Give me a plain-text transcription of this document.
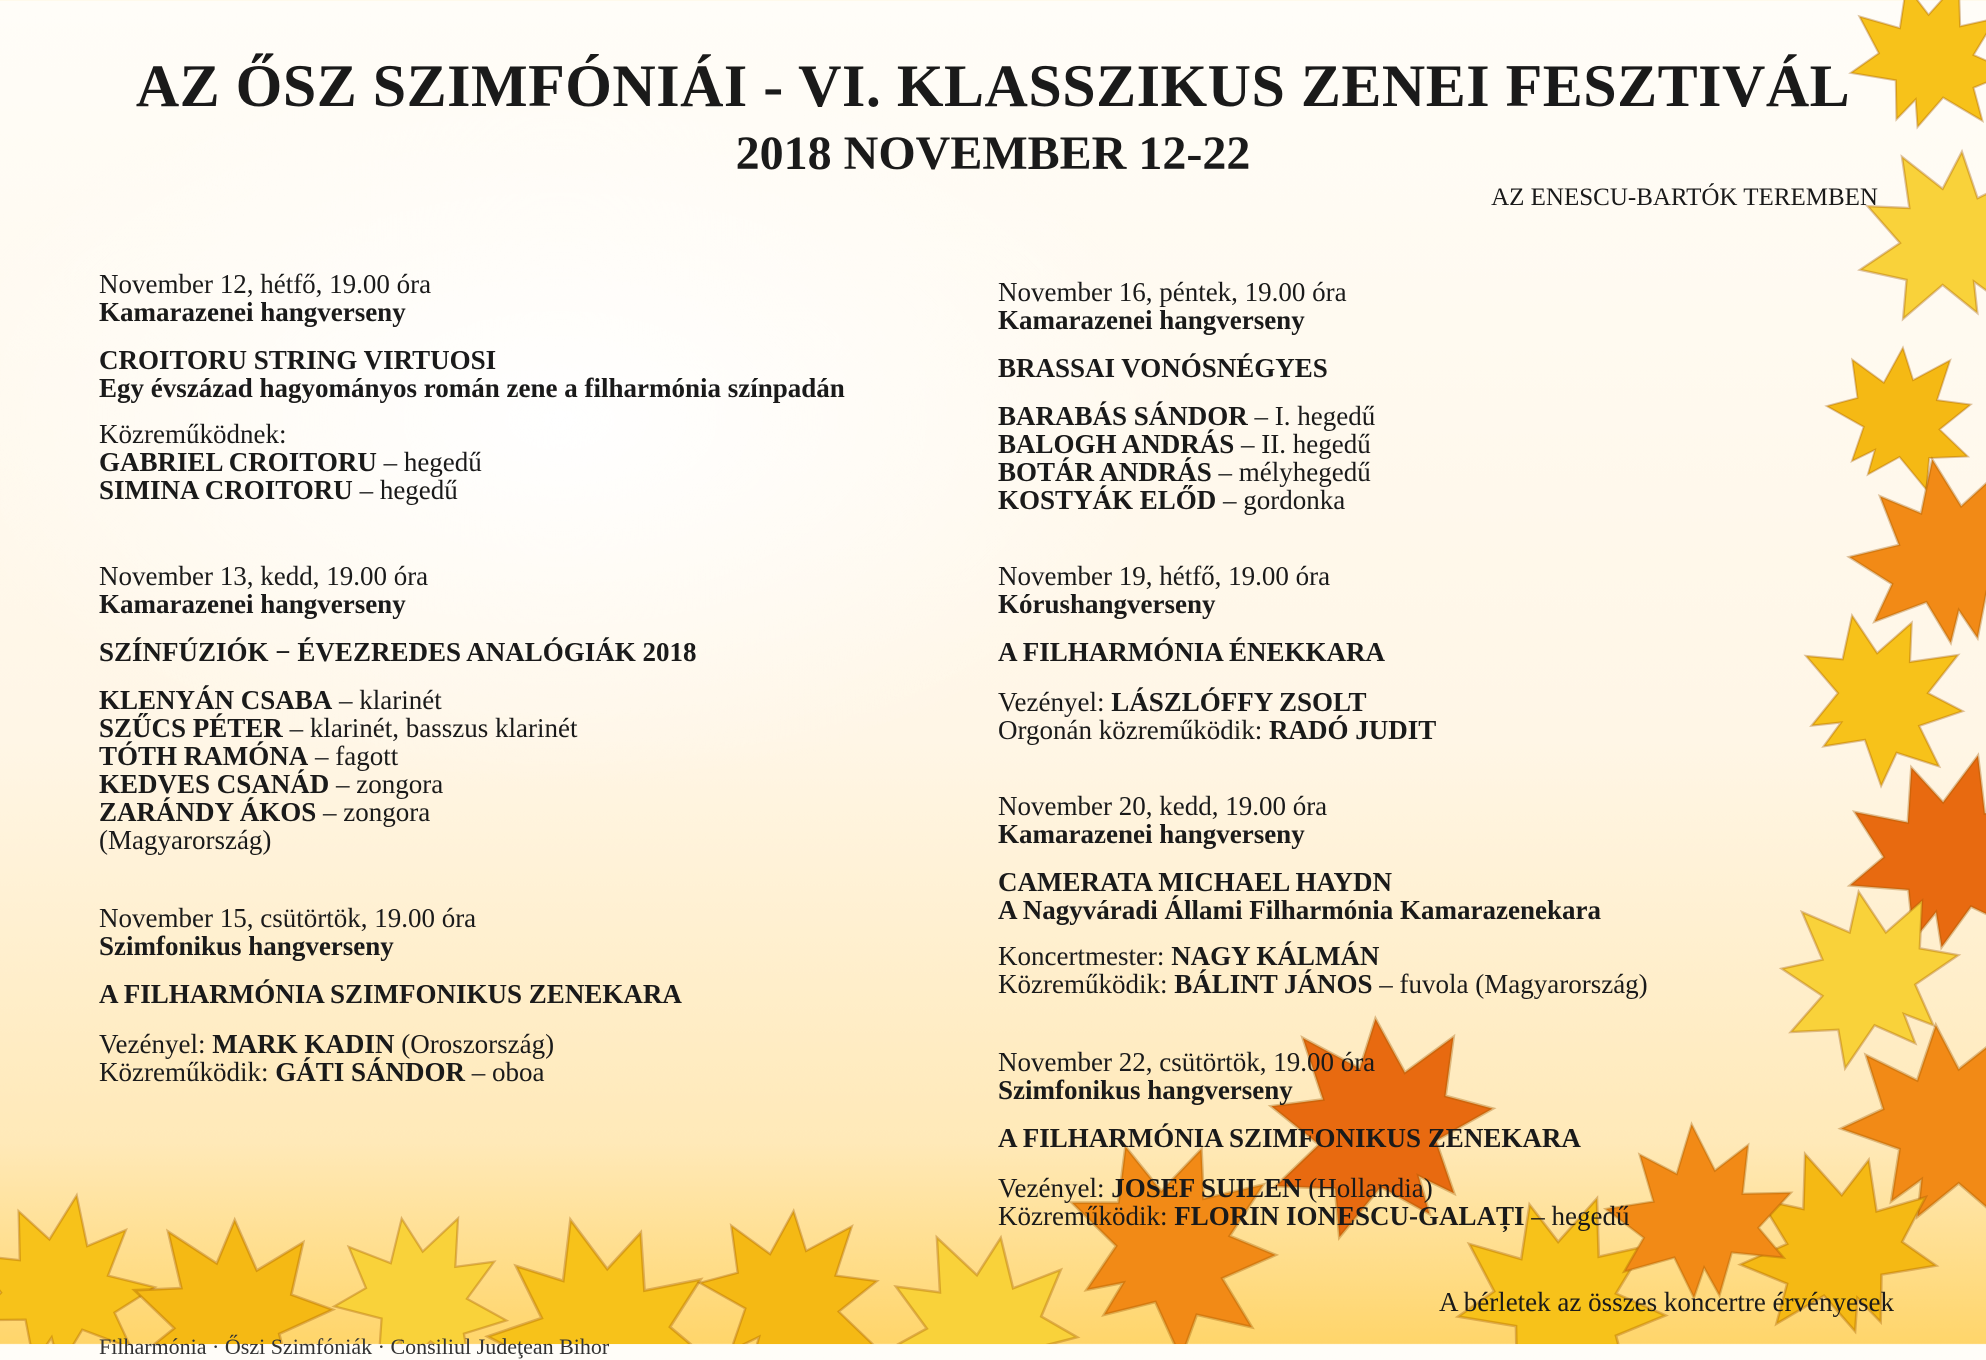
AZ ŐSZ SZIMFÓNIÁI - VI. KLASSZIKUS ZENEI FESZTIVÁL
2018 NOVEMBER 12-22

AZ ENESCU-BARTÓK TEREMBEN

November 12, hétfő, 19.00 óra

Kamarazenei hangverseny

CROITORU STRING VIRTUOSI

Egy évszázad hagyományos román zene a filharmónia színpadán

Közreműködnek:

GABRIEL CROITORU – hegedű

SIMINA CROITORU – hegedű

November 13, kedd, 19.00 óra

Kamarazenei hangverseny

SZÍNFÚZIÓK − ÉVEZREDES ANALÓGIÁK 2018

KLENYÁN CSABA – klarinét

SZŰCS PÉTER – klarinét, basszus klarinét

TÓTH RAMÓNA – fagott

KEDVES CSANÁD – zongora

ZARÁNDY ÁKOS – zongora

(Magyarország)

November 15, csütörtök, 19.00 óra

Szimfonikus hangverseny

A FILHARMÓNIA SZIMFONIKUS ZENEKARA

Vezényel: MARK KADIN (Oroszország)

Közreműködik: GÁTI SÁNDOR – oboa

November 16, péntek, 19.00 óra

Kamarazenei hangverseny

BRASSAI VONÓSNÉGYES

BARABÁS SÁNDOR – I. hegedű

BALOGH ANDRÁS – II. hegedű

BOTÁR ANDRÁS – mélyhegedű

KOSTYÁK ELŐD – gordonka

November 19, hétfő, 19.00 óra

Kórushangverseny

A FILHARMÓNIA ÉNEKKARA

Vezényel: LÁSZLÓFFY ZSOLT

Orgonán közreműködik: RADÓ JUDIT

November 20, kedd, 19.00 óra

Kamarazenei hangverseny

CAMERATA MICHAEL HAYDN

A Nagyváradi Állami Filharmónia Kamarazenekara

Koncertmester: NAGY KÁLMÁN

Közreműködik: BÁLINT JÁNOS – fuvola (Magyarország)

November 22, csütörtök, 19.00 óra

Szimfonikus hangverseny

A FILHARMÓNIA SZIMFONIKUS ZENEKARA

Vezényel: JOSEF SUILEN (Hollandia)

Közreműködik: FLORIN IONESCU-GALAȚI – hegedű

A bérletek az összes koncertre érvényesek

Filharmónia · Őszi Szimfóniák · Consiliul Judeţean Bihor
